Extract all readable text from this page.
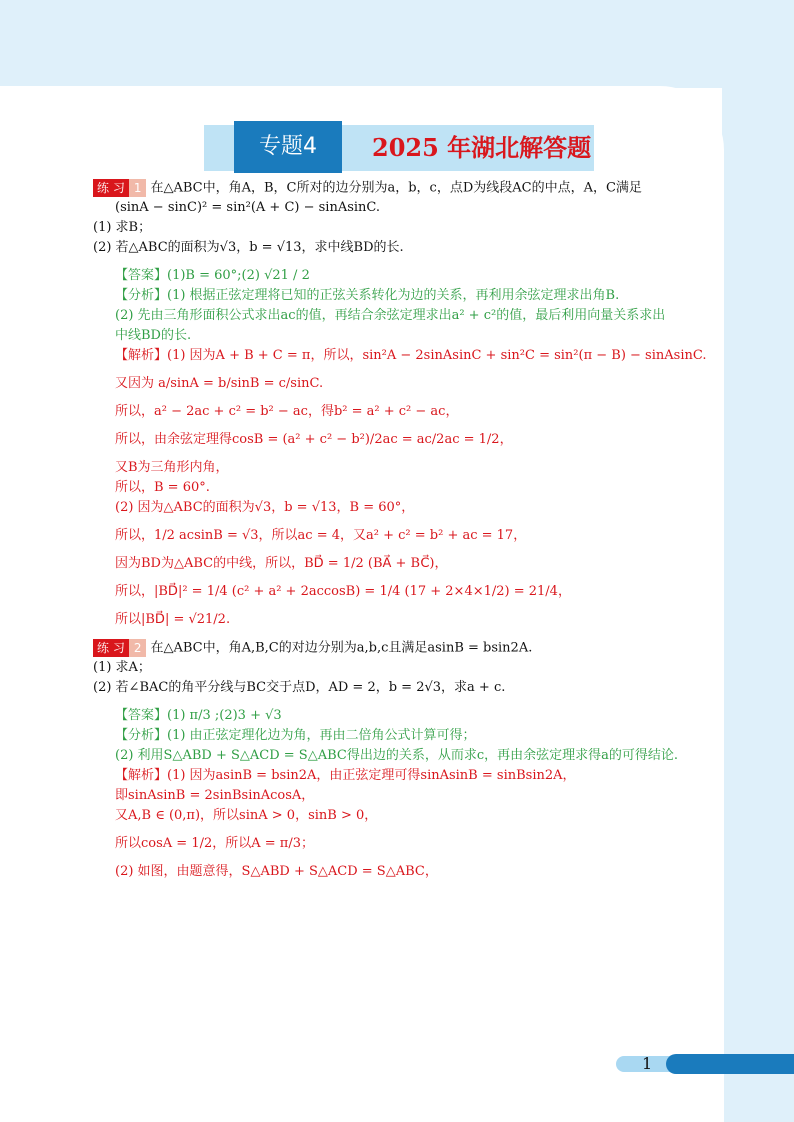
专题4	2025 年湖北解答题
练 习 1 在△ABC中，角A，B，C所对的边分别为a，b，c，点D为线段AC的中点，A，C满足
(sinA − sinC)² = sin²(A + C) − sinAsinC.
(1) 求B；
(2) 若△ABC的面积为√3，b = √13，求中线BD的长.
【答案】(1)B = 60°;(2) √21 / 2
【分析】(1) 根据正弦定理将已知的正弦关系转化为边的关系，再利用余弦定理求出角B.
(2) 先由三角形面积公式求出ac的值，再结合余弦定理求出a² + c²的值，最后利用向量关系求出
中线BD的长.
【解析】(1) 因为A + B + C = π，所以，sin²A − 2sinAsinC + sin²C = sin²(π − B) − sinAsinC.
又因为 a/sinA = b/sinB = c/sinC.
所以，a² − 2ac + c² = b² − ac，得b² = a² + c² − ac，
所以，由余弦定理得cosB = (a² + c² − b²)/2ac = ac/2ac = 1/2，
又B为三角形内角，
所以，B = 60°.
(2) 因为△ABC的面积为√3，b = √13，B = 60°，
所以，1/2 acsinB = √3，所以ac = 4，又a² + c² = b² + ac = 17，
因为BD为△ABC的中线，所以，BD⃗ = 1/2 (BA⃗ + BC⃗)，
所以，|BD⃗|² = 1/4 (c² + a² + 2accosB) = 1/4 (17 + 2×4×1/2) = 21/4，
所以|BD⃗| = √21/2.
练 习 2 在△ABC中，角A,B,C的对边分别为a,b,c且满足asinB = bsin2A.
(1) 求A；
(2) 若∠BAC的角平分线与BC交于点D，AD = 2，b = 2√3，求a + c.
【答案】(1) π/3 ;(2)3 + √3
【分析】(1) 由正弦定理化边为角，再由二倍角公式计算可得；
(2) 利用S△ABD + S△ACD = S△ABC得出边的关系，从而求c，再由余弦定理求得a的可得结论.
【解析】(1) 因为asinB = bsin2A，由正弦定理可得sinAsinB = sinBsin2A，
即sinAsinB = 2sinBsinAcosA，
又A,B ∈ (0,π)，所以sinA > 0，sinB > 0，
所以cosA = 1/2，所以A = π/3；
(2) 如图，由题意得，S△ABD + S△ACD = S△ABC，
1
